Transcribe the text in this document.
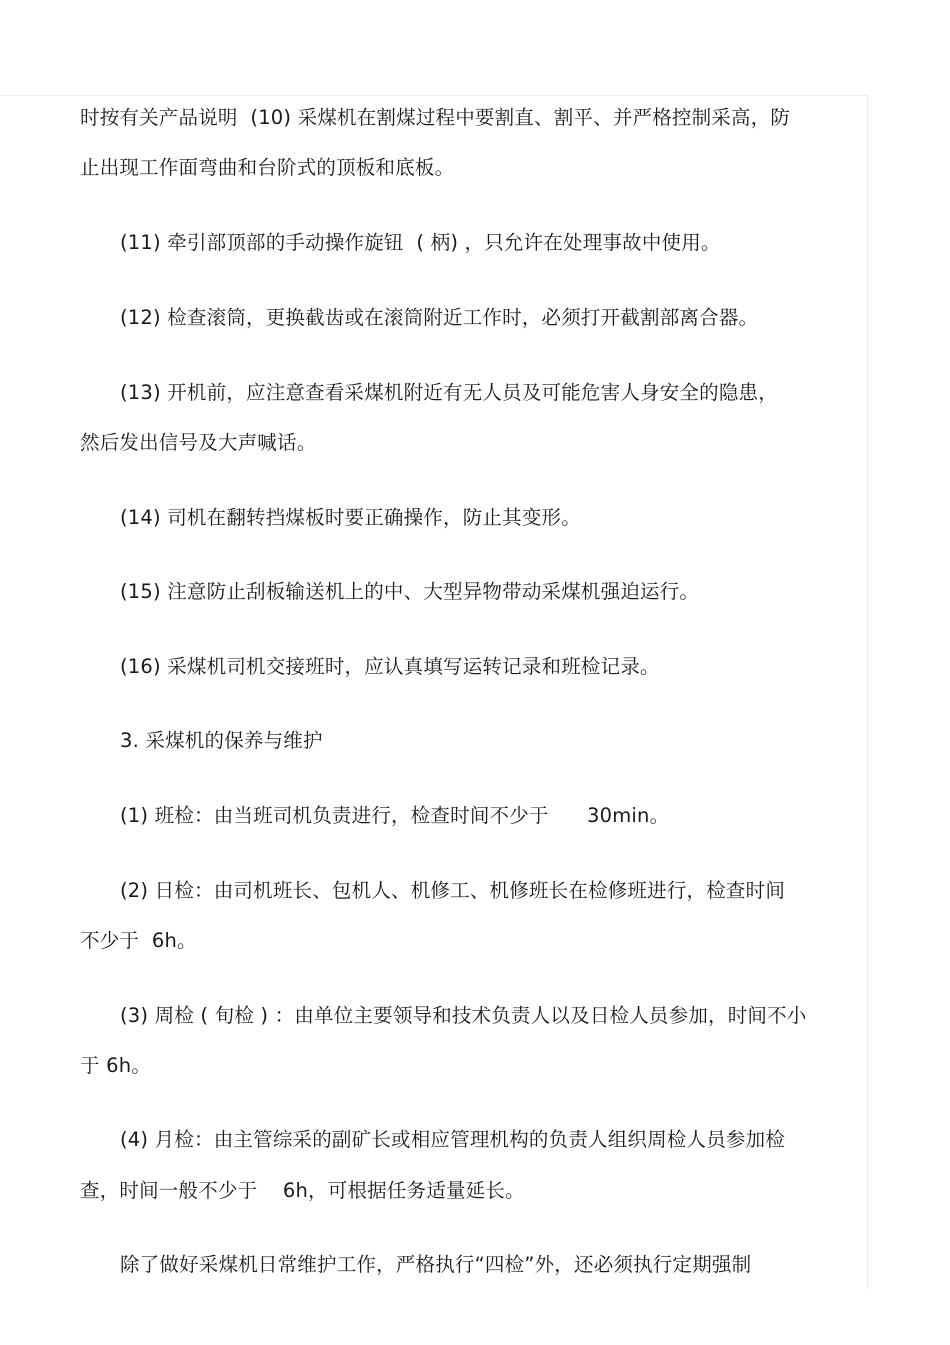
时按有关产品说明  (10) 采煤机在割煤过程中要割直、割平、并严格控制采高，防
止出现工作面弯曲和台阶式的顶板和底板。
(11) 牵引部顶部的手动操作旋钮  ( 柄) ，只允许在处理事故中使用。
(12) 检查滚筒，更换截齿或在滚筒附近工作时，必须打开截割部离合器。
(13) 开机前，应注意查看采煤机附近有无人员及可能危害人身安全的隐患，
然后发出信号及大声喊话。
(14) 司机在翻转挡煤板时要正确操作，防止其变形。
(15) 注意防止刮板输送机上的中、大型异物带动采煤机强迫运行。
(16) 采煤机司机交接班时，应认真填写运转记录和班检记录。
3. 采煤机的保养与维护
(1) 班检：由当班司机负责进行，检查时间不少于      30min。
(2) 日检：由司机班长、包机人、机修工、机修班长在检修班进行，检查时间
不少于  6h。
(3) 周检 ( 旬检 ) ：由单位主要领导和技术负责人以及日检人员参加，时间不小
于 6h。
(4) 月检：由主管综采的副矿长或相应管理机构的负责人组织周检人员参加检
查，时间一般不少于    6h，可根据任务适量延长。
除了做好采煤机日常维护工作，严格执行“四检”外，还必须执行定期强制
